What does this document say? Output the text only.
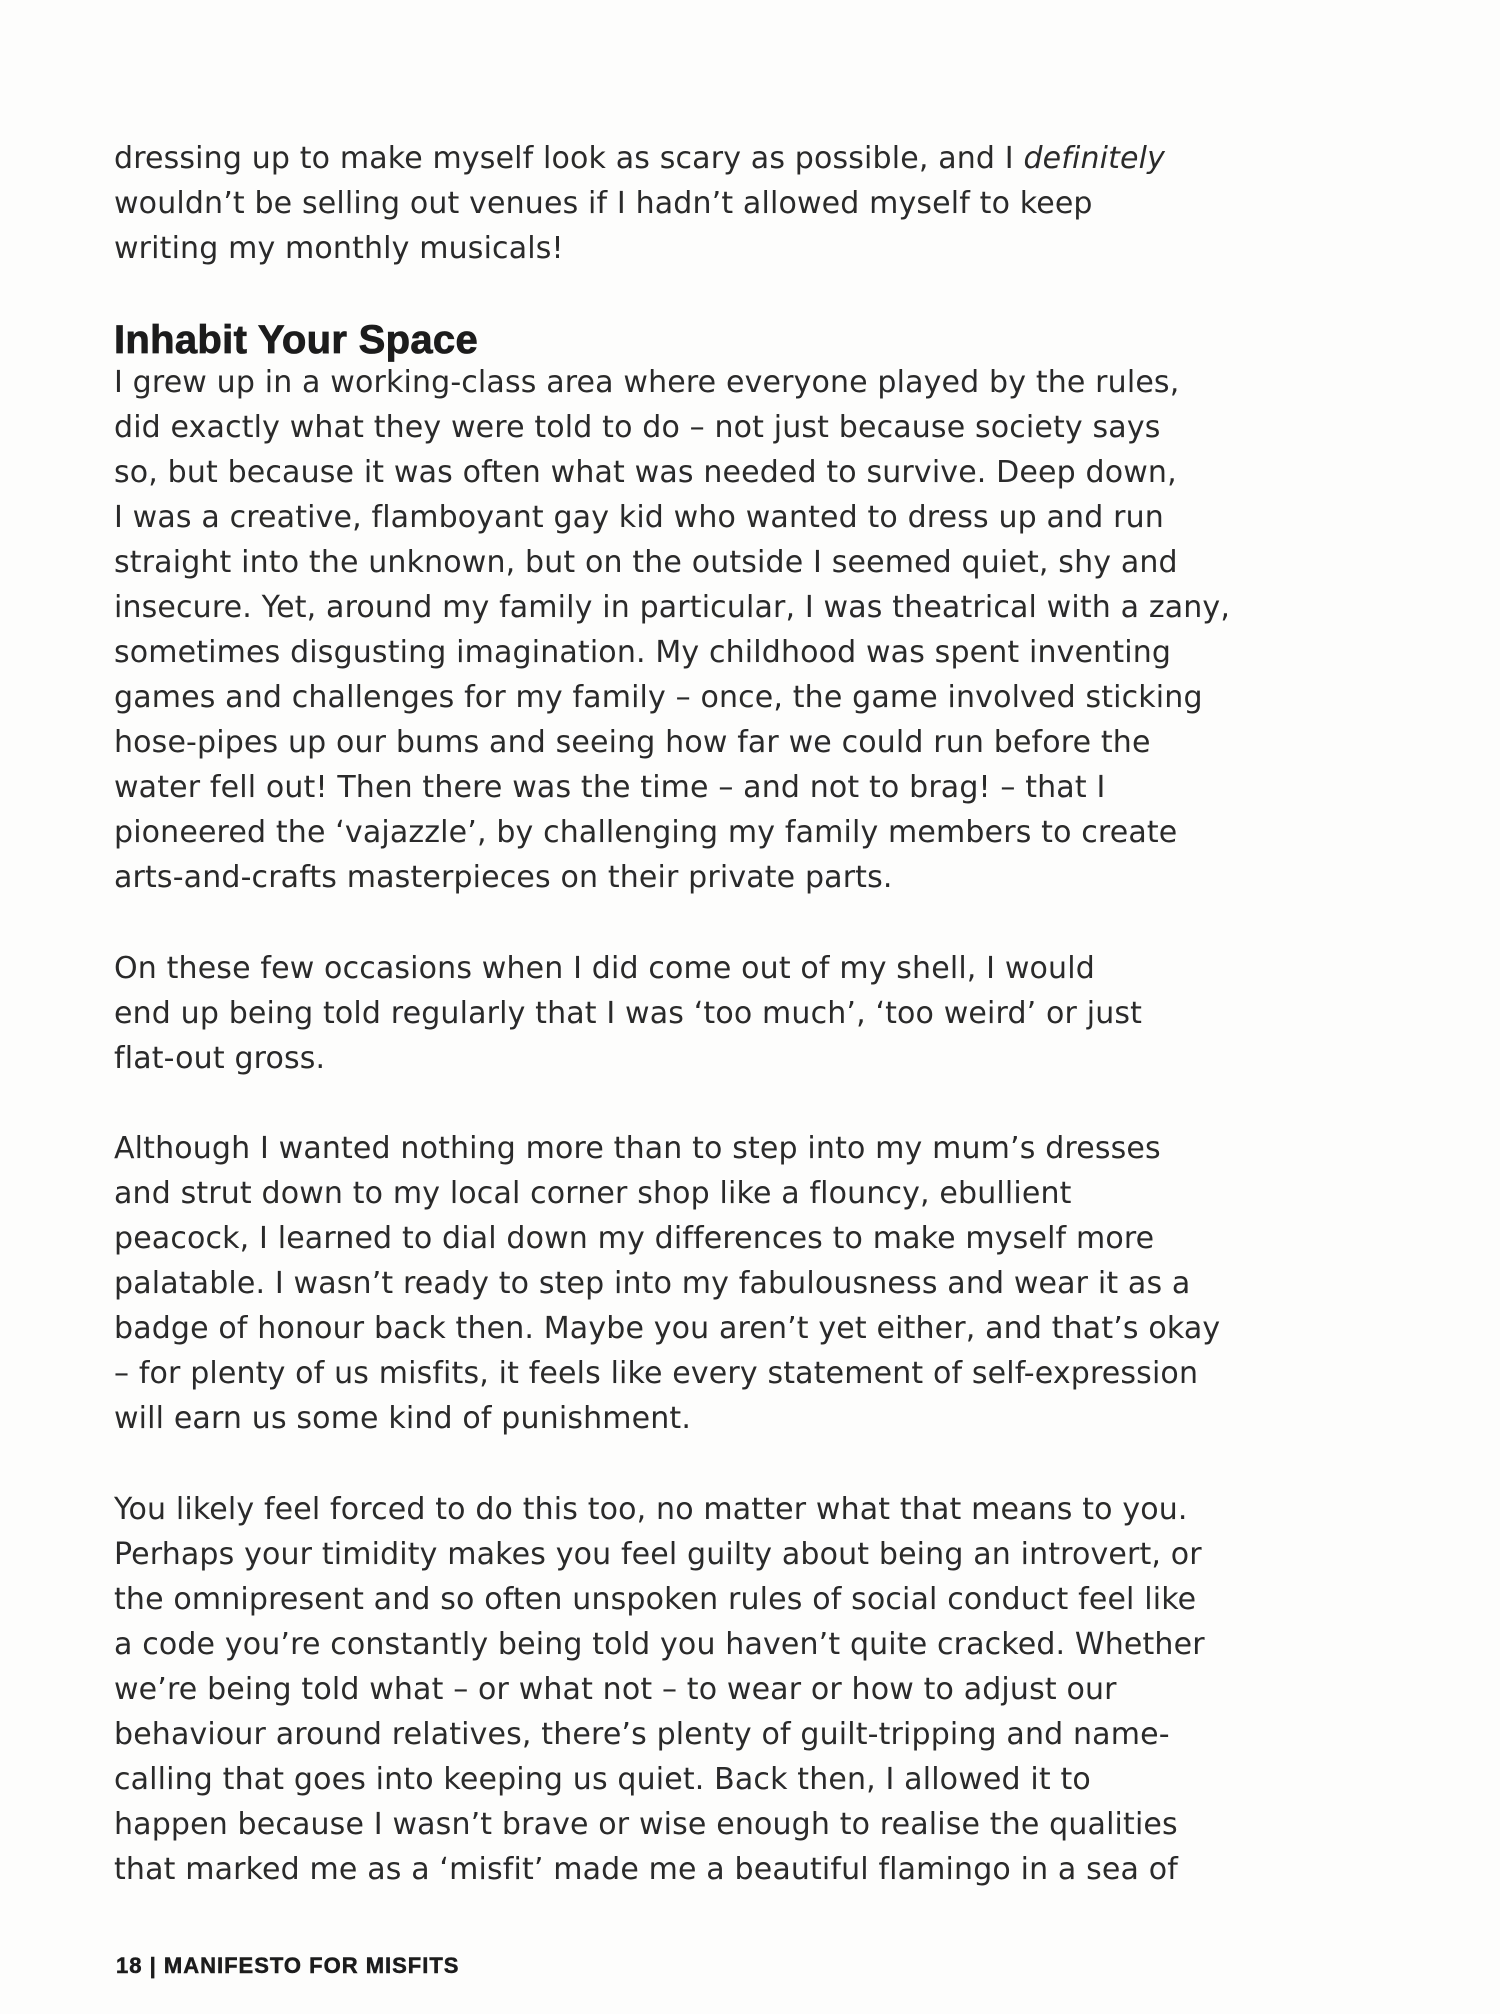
dressing up to make myself look as scary as possible, and I definitely
wouldn’t be selling out venues if I hadn’t allowed myself to keep
writing my monthly musicals!

Inhabit Your Space

I grew up in a working-class area where everyone played by the rules,
did exactly what they were told to do – not just because society says
so, but because it was often what was needed to survive. Deep down,
I was a creative, flamboyant gay kid who wanted to dress up and run
straight into the unknown, but on the outside I seemed quiet, shy and
insecure. Yet, around my family in particular, I was theatrical with a zany,
sometimes disgusting imagination. My childhood was spent inventing
games and challenges for my family – once, the game involved sticking
hose-pipes up our bums and seeing how far we could run before the
water fell out! Then there was the time – and not to brag! – that I
pioneered the ‘vajazzle’, by challenging my family members to create
arts-and-crafts masterpieces on their private parts.

On these few occasions when I did come out of my shell, I would
end up being told regularly that I was ‘too much’, ‘too weird’ or just
flat-out gross.

Although I wanted nothing more than to step into my mum’s dresses
and strut down to my local corner shop like a flouncy, ebullient
peacock, I learned to dial down my differences to make myself more
palatable. I wasn’t ready to step into my fabulousness and wear it as a
badge of honour back then. Maybe you aren’t yet either, and that’s okay
– for plenty of us misfits, it feels like every statement of self-expression
will earn us some kind of punishment.

You likely feel forced to do this too, no matter what that means to you.
Perhaps your timidity makes you feel guilty about being an introvert, or
the omnipresent and so often unspoken rules of social conduct feel like
a code you’re constantly being told you haven’t quite cracked. Whether
we’re being told what – or what not – to wear or how to adjust our
behaviour around relatives, there’s plenty of guilt-tripping and name-
calling that goes into keeping us quiet. Back then, I allowed it to
happen because I wasn’t brave or wise enough to realise the qualities
that marked me as a ‘misfit’ made me a beautiful flamingo in a sea of

18 | MANIFESTO FOR MISFITS
